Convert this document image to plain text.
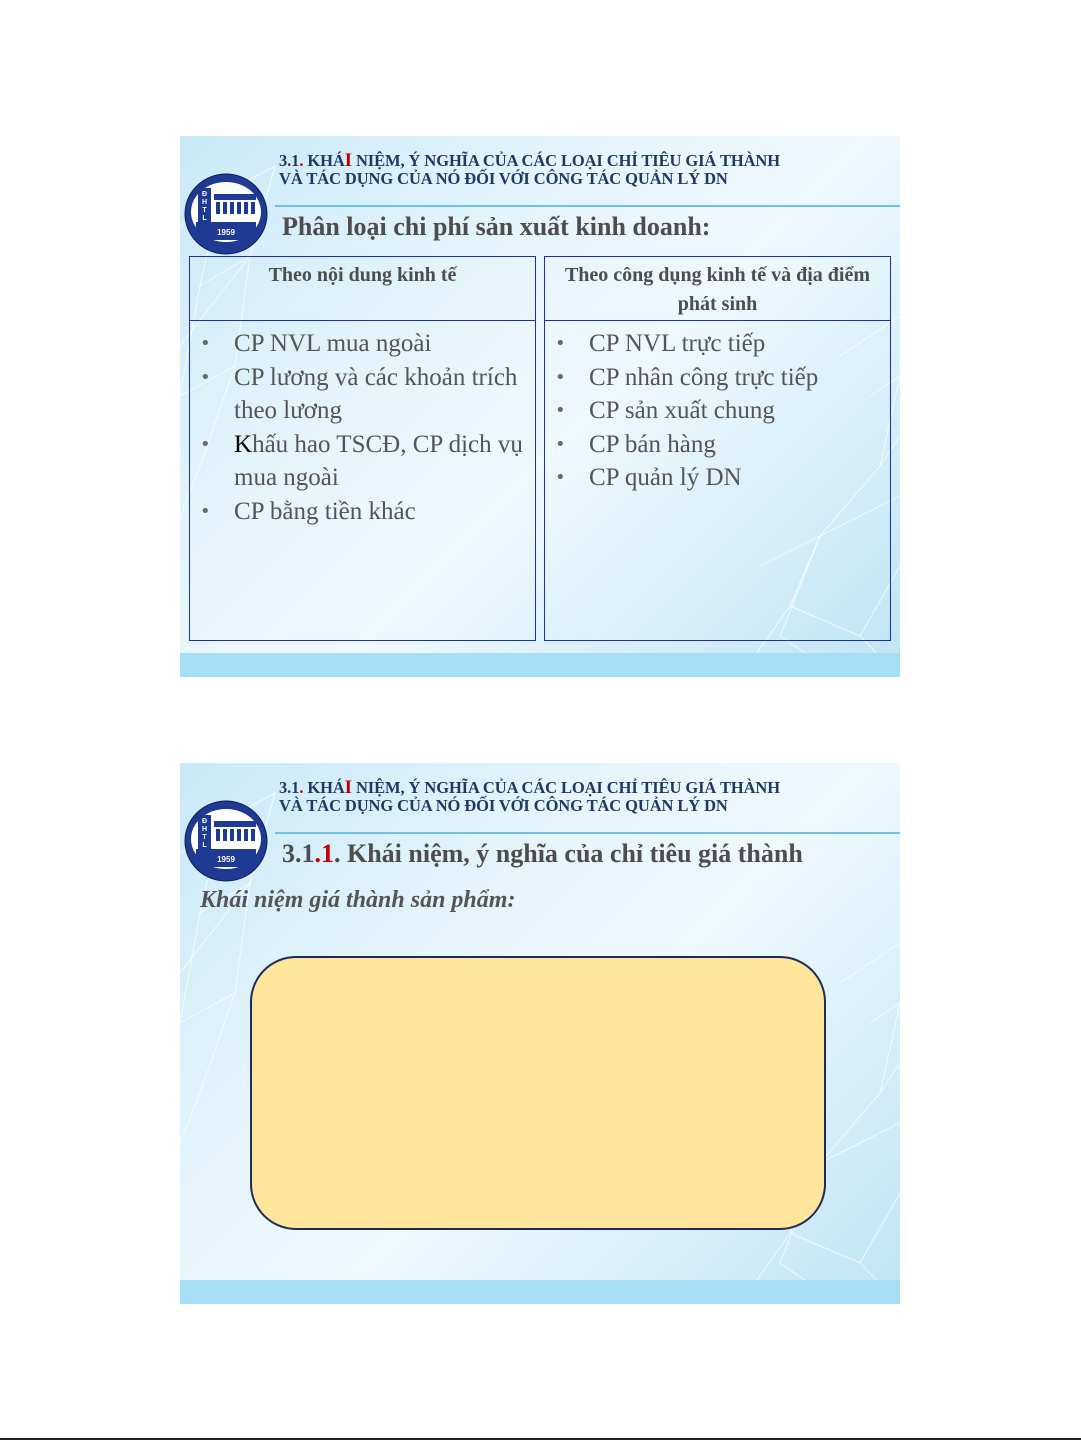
3.1. KHÁI NIỆM, Ý NGHĨA CỦA CÁC LOẠI CHỈ TIÊU GIÁ THÀNH
VÀ TÁC DỤNG CỦA NÓ ĐỐI VỚI CÔNG TÁC QUẢN LÝ DN
Đ
H
T
L
1959 Phân loại chi phí sản xuất kinh doanh:
Theo nội dung kinh tế
• CP NVL mua ngoài
• CP lương và các khoản trích theo lương
• Khấu hao TSCĐ, CP dịch vụ mua ngoài
• CP bằng tiền khác
Theo công dụng kinh tế và địa điểm phát sinh
• CP NVL trực tiếp
• CP nhân công trực tiếp
• CP sản xuất chung
• CP bán hàng
• CP quản lý DN
3.1. KHÁI NIỆM, Ý NGHĨA CỦA CÁC LOẠI CHỈ TIÊU GIÁ THÀNH
VÀ TÁC DỤNG CỦA NÓ ĐỐI VỚI CÔNG TÁC QUẢN LÝ DN
Đ
H
T
L
1959 3.1.1. Khái niệm, ý nghĩa của chỉ tiêu giá thành
Khái niệm giá thành sản phẩm:
